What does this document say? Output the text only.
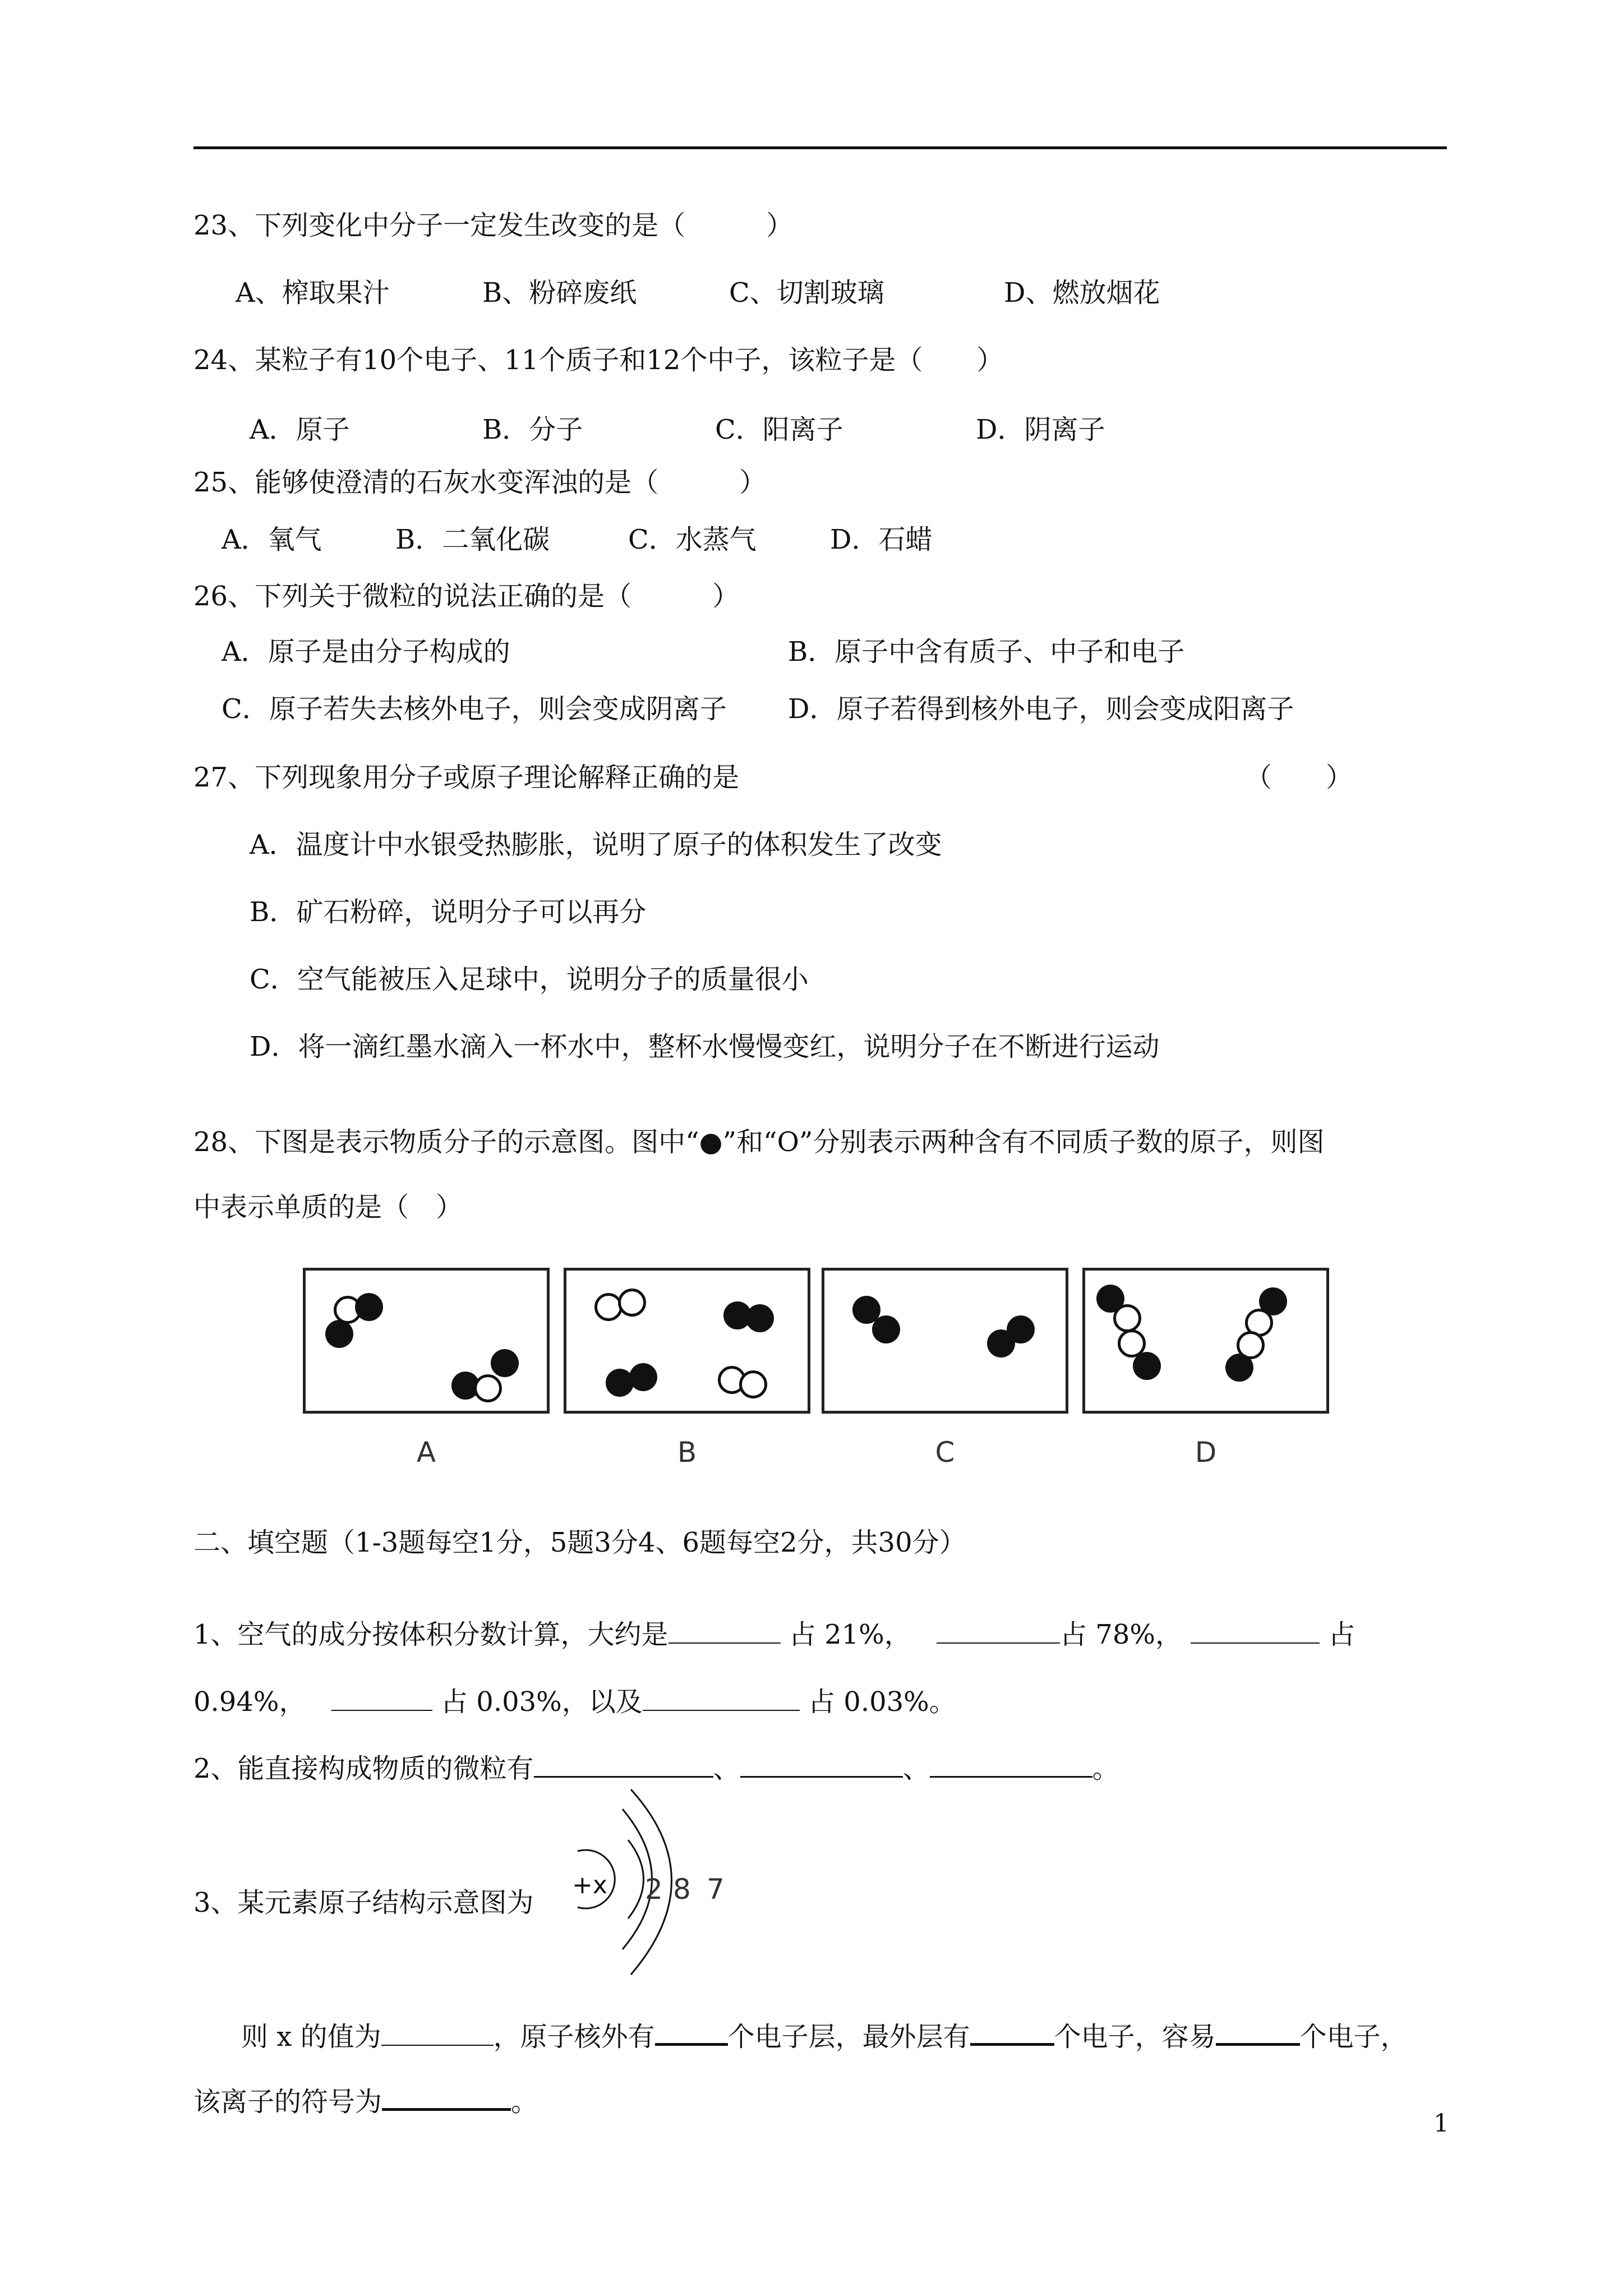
23、下列变化中分子一定发生改变的是（　　　）
A、榨取果汁	B、粉碎废纸	C、切割玻璃	D、燃放烟花
24、某粒子有10个电子、11个质子和12个中子，该粒子是（　　）
A．原子	B．分子	C．阳离子	D．阴离子
25、能够使澄清的石灰水变浑浊的是（　　　）
A．氧气	B．二氧化碳	C．水蒸气	D．石蜡
26、下列关于微粒的说法正确的是（　　　）
A．原子是由分子构成的	B．原子中含有质子、中子和电子
C．原子若失去核外电子，则会变成阴离子 D．原子若得到核外电子，则会变成阳离子
27、下列现象用分子或原子理论解释正确的是	（　　）
A．温度计中水银受热膨胀，说明了原子的体积发生了改变
B．矿石粉碎，说明分子可以再分
C．空气能被压入足球中，说明分子的质量很小
D．将一滴红墨水滴入一杯水中，整杯水慢慢变红，说明分子在不断进行运动
28、下图是表示物质分子的示意图。图中“●”和“O”分别表示两种含有不同质子数的原子，则图
中表示单质的是（　）
A	B	C	D
二、填空题（1-3题每空1分，5题3分4、6题每空2分，共30分）
1、空气的成分按体积分数计算，大约是	占 21%，	占 78%，	占
0.94%，	占 0.03%，以及	占 0.03%。
2、能直接构成物质的微粒有	、	、	。
3、某元素原子结构示意图为
+x 2 8 7
则 x 的值为	，原子核外有	个电子层，最外层有	个电子，容易	个电子，
该离子的符号为	。
1
